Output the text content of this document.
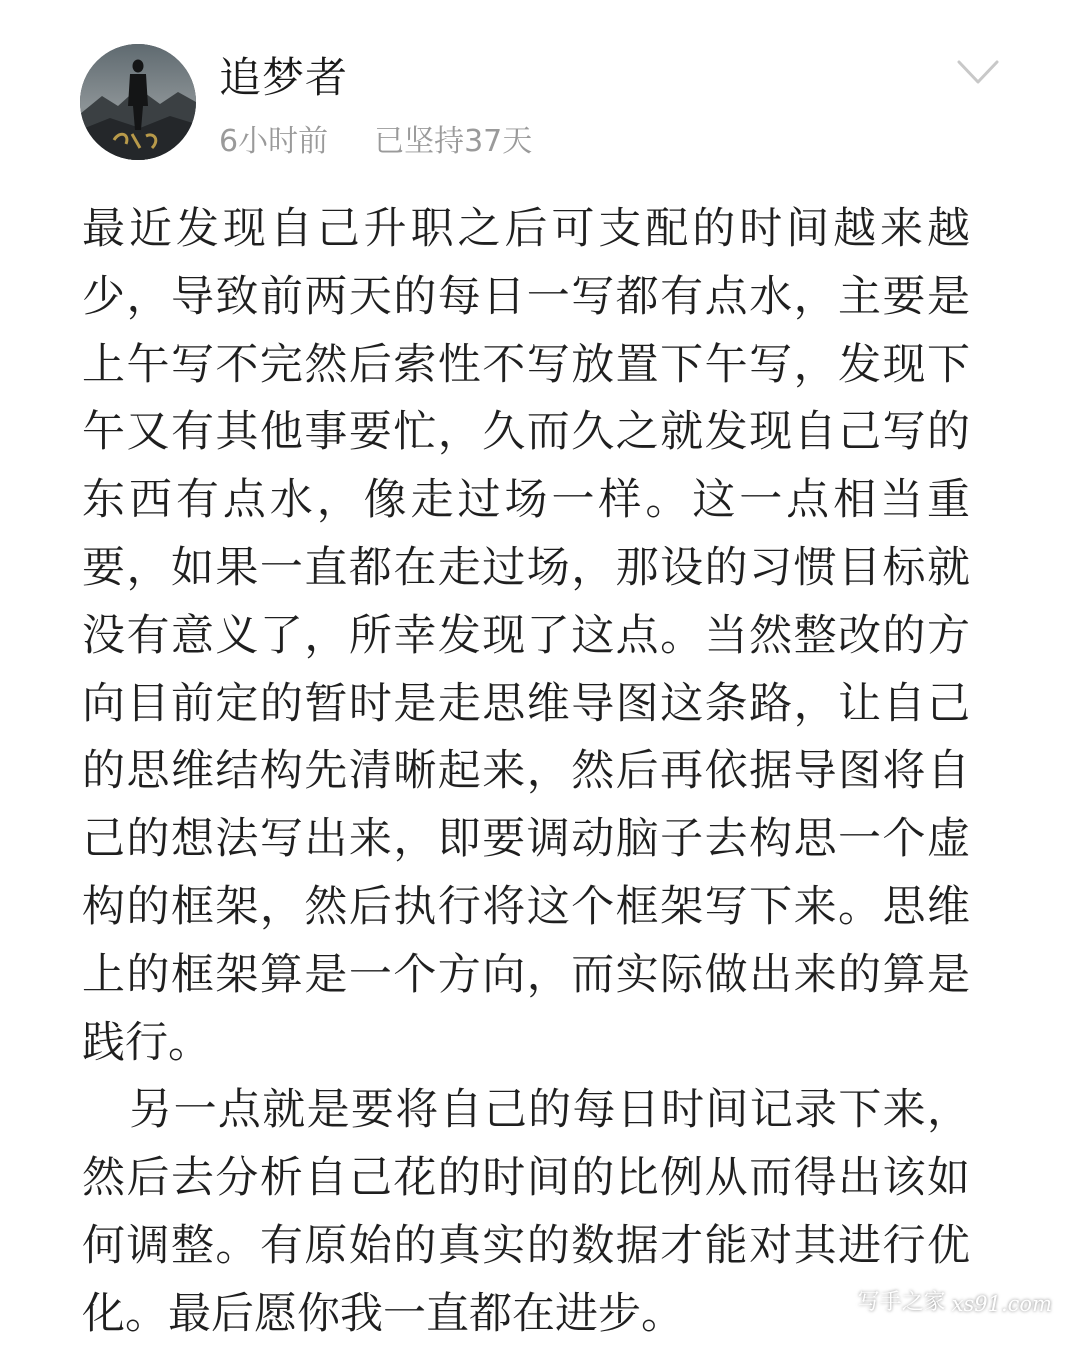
追梦者
6小时前 已坚持37天

最近发现自己升职之后可支配的时间越来越少，导致前两天的每日一写都有点水，主要是上午写不完然后索性不写放置下午写，发现下午又有其他事要忙，久而久之就发现自己写的东西有点水，像走过场一样。这一点相当重要，如果一直都在走过场，那设的习惯目标就没有意义了，所幸发现了这点。当然整改的方向目前定的暂时是走思维导图这条路，让自己的思维结构先清晰起来，然后再依据导图将自己的想法写出来，即要调动脑子去构思一个虚构的框架，然后执行将这个框架写下来。思维上的框架算是一个方向，而实际做出来的算是践行。

另一点就是要将自己的每日时间记录下来，然后去分析自己花的时间的比例从而得出该如何调整。有原始的真实的数据才能对其进行优化。最后愿你我一直都在进步。	写手之家 xs91.com
